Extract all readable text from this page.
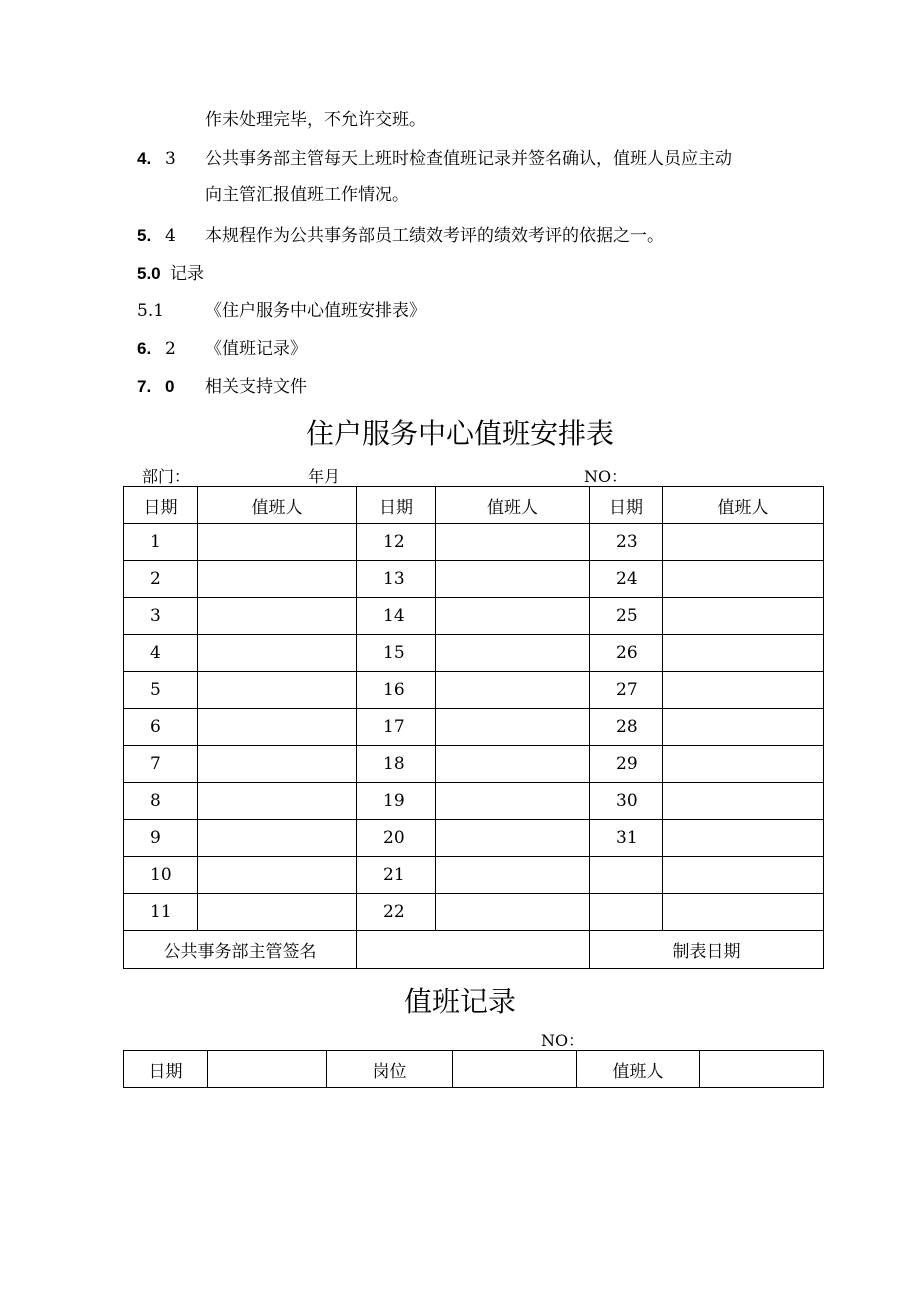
作未处理完毕，不允许交班。
4. 3 公共事务部主管每天上班时检查值班记录并签名确认，值班人员应主动
向主管汇报值班工作情况。
5. 4 本规程作为公共事务部员工绩效考评的绩效考评的依据之一。
5.0 记录
5.1 《住户服务中心值班安排表》
6. 2 《值班记录》
7. 0 相关支持文件
住户服务中心值班安排表
部门：	年月	NO：
日期	值班人	日期	值班人	日期	值班人
1		12		23	
2		13		24	
3		14		25	
4		15		26	
5		16		27	
6		17		28	
7		18		29	
8		19		30	
9		20		31	
10		21			
11		22			
公共事务部主管签名				制表日期	
值班记录
NO：
日期		岗位		值班人	
